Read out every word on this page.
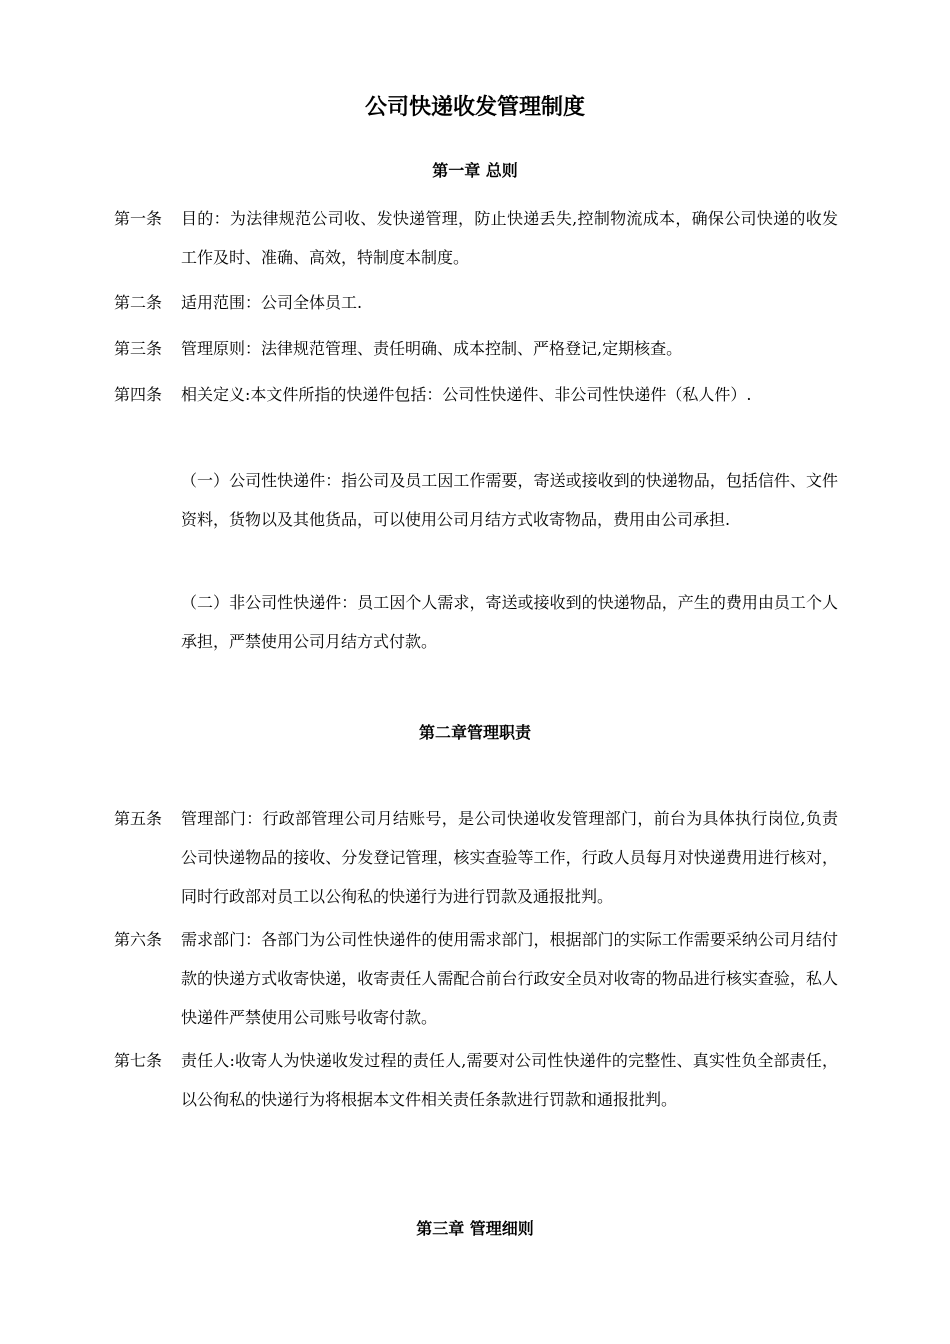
公司快递收发管理制度
第一章 总则
第一条	目的：为法律规范公司收、发快递管理，防止快递丢失,控制物流成本，确保公司快递的收发工作及时、准确、高效，特制度本制度。
第二条	适用范围：公司全体员工.
第三条	管理原则：法律规范管理、责任明确、成本控制、严格登记,定期核查。
第四条	相关定义:本文件所指的快递件包括：公司性快递件、非公司性快递件（私人件）.
（一）公司性快递件：指公司及员工因工作需要，寄送或接收到的快递物品，包括信件、文件资料，货物以及其他货品，可以使用公司月结方式收寄物品，费用由公司承担.
（二）非公司性快递件：员工因个人需求，寄送或接收到的快递物品，产生的费用由员工个人承担，严禁使用公司月结方式付款。
第二章管理职责
第五条	管理部门：行政部管理公司月结账号，是公司快递收发管理部门，前台为具体执行岗位,负责公司快递物品的接收、分发登记管理，核实查验等工作，行政人员每月对快递费用进行核对，同时行政部对员工以公徇私的快递行为进行罚款及通报批判。
第六条	需求部门：各部门为公司性快递件的使用需求部门，根据部门的实际工作需要采纳公司月结付款的快递方式收寄快递，收寄责任人需配合前台行政安全员对收寄的物品进行核实查验，私人快递件严禁使用公司账号收寄付款。
第七条	责任人:收寄人为快递收发过程的责任人,需要对公司性快递件的完整性、真实性负全部责任，以公徇私的快递行为将根据本文件相关责任条款进行罚款和通报批判。
第三章 管理细则
